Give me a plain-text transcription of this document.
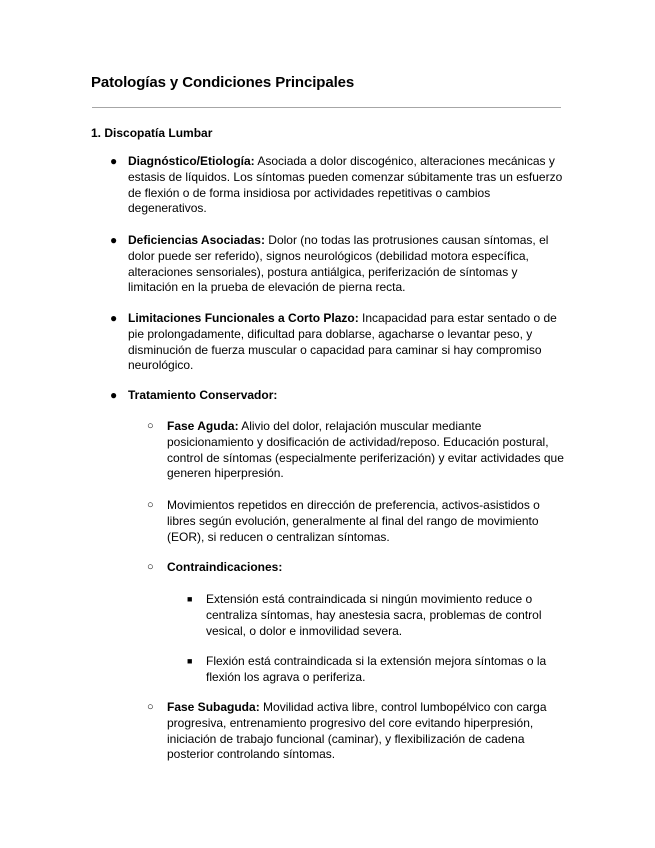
Patologías y Condiciones Principales
1. Discopatía Lumbar
● Diagnóstico/Etiología: Asociada a dolor discogénico, alteraciones mecánicas y estasis de líquidos. Los síntomas pueden comenzar súbitamente tras un esfuerzo de flexión o de forma insidiosa por actividades repetitivas o cambios degenerativos.
● Deficiencias Asociadas: Dolor (no todas las protrusiones causan síntomas, el dolor puede ser referido), signos neurológicos (debilidad motora específica, alteraciones sensoriales), postura antiálgica, periferización de síntomas y limitación en la prueba de elevación de pierna recta.
● Limitaciones Funcionales a Corto Plazo: Incapacidad para estar sentado o de pie prolongadamente, dificultad para doblarse, agacharse o levantar peso, y disminución de fuerza muscular o capacidad para caminar si hay compromiso neurológico.
● Tratamiento Conservador:
○ Fase Aguda: Alivio del dolor, relajación muscular mediante posicionamiento y dosificación de actividad/reposo. Educación postural, control de síntomas (especialmente periferización) y evitar actividades que generen hiperpresión.
○ Movimientos repetidos en dirección de preferencia, activos-asistidos o libres según evolución, generalmente al final del rango de movimiento (EOR), si reducen o centralizan síntomas.
○ Contraindicaciones:
■ Extensión está contraindicada si ningún movimiento reduce o centraliza síntomas, hay anestesia sacra, problemas de control vesical, o dolor e inmovilidad severa.
■ Flexión está contraindicada si la extensión mejora síntomas o la flexión los agrava o periferiza.
○ Fase Subaguda: Movilidad activa libre, control lumbopélvico con carga progresiva, entrenamiento progresivo del core evitando hiperpresión, iniciación de trabajo funcional (caminar), y flexibilización de cadena posterior controlando síntomas.
